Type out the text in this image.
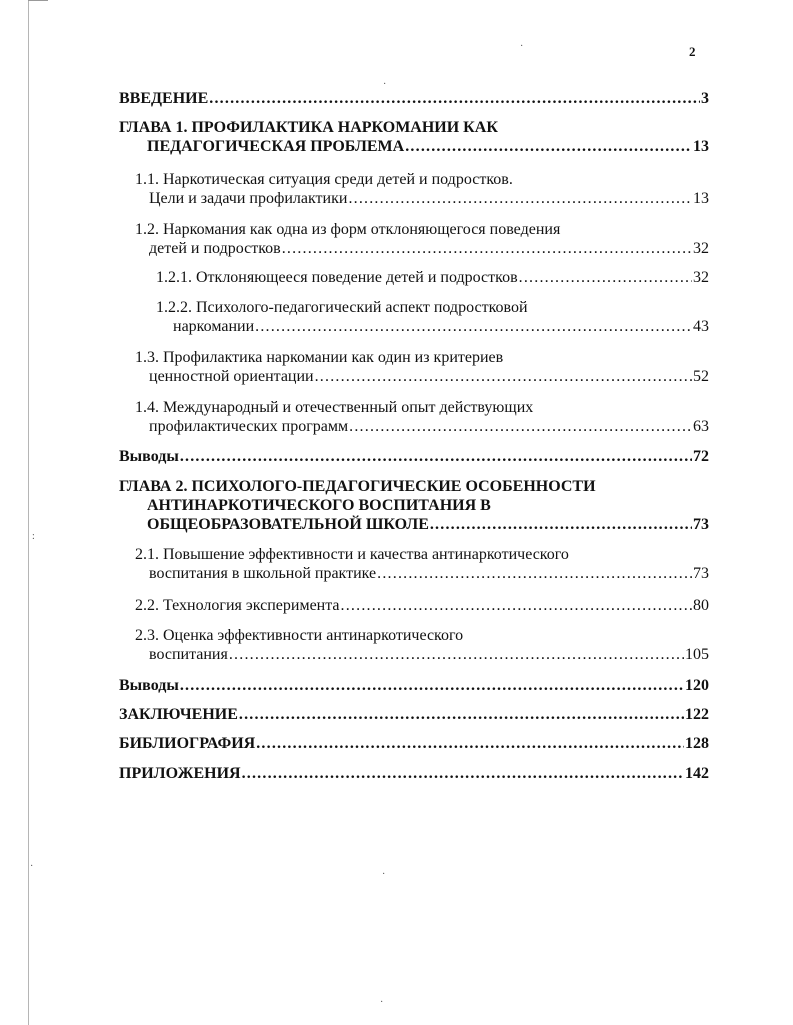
2
ВВЕДЕНИЕ .....	3
ГЛАВА 1. ПРОФИЛАКТИКА НАРКОМАНИИ КАК
ПЕДАГОГИЧЕСКАЯ ПРОБЛЕМА .....	13
1.1. Наркотическая ситуация среди детей и подростков.
Цели и задачи профилактики .....	13
1.2. Наркомания как одна из форм отклоняющегося поведения
детей и подростков .....	32
1.2.1. Отклоняющееся поведение детей и подростков .....	32
1.2.2. Психолого-педагогический аспект подростковой
наркомании .....	43
1.3. Профилактика наркомании как один из критериев
ценностной ориентации .....	52
1.4. Международный и отечественный опыт действующих
профилактических программ .....	63
Выводы .....	72
ГЛАВА 2. ПСИХОЛОГО-ПЕДАГОГИЧЕСКИЕ ОСОБЕННОСТИ
АНТИНАРКОТИЧЕСКОГО ВОСПИТАНИЯ В
ОБЩЕОБРАЗОВАТЕЛЬНОЙ ШКОЛЕ .....	73
2.1. Повышение эффективности и качества антинаркотического
воспитания в школьной практике .....	73
2.2. Технология эксперимента .....	80
2.3. Оценка эффективности антинаркотического
воспитания .....	105
Выводы .....	120
ЗАКЛЮЧЕНИЕ .....	122
БИБЛИОГРАФИЯ .....	128
ПРИЛОЖЕНИЯ .....	142
·
·
:
·
·
·
